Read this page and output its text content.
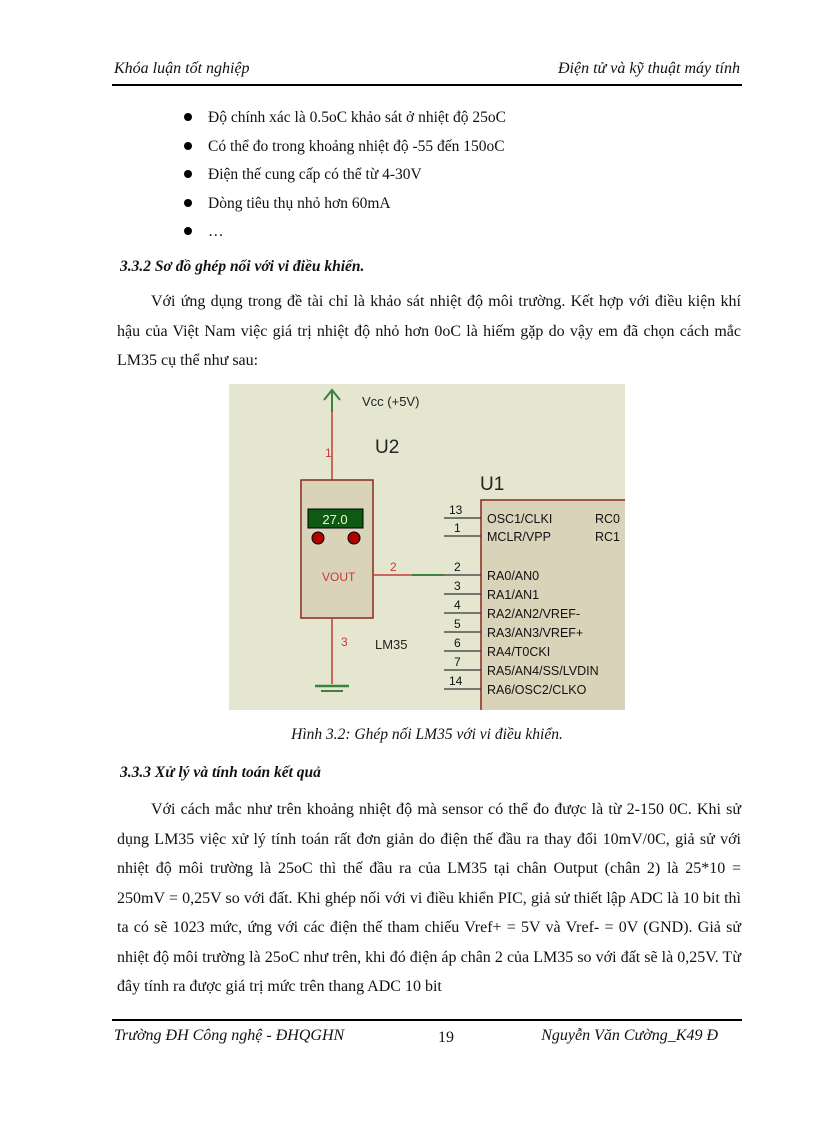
Khóa luận tốt nghiệp	Điện tử và kỹ thuật máy tính
Độ chính xác là 0.5oC khảo sát ở nhiệt độ 25oC
Có thể đo trong khoảng nhiệt độ -55 đến 150oC
Điện thế cung cấp có thể từ 4-30V
Dòng tiêu thụ nhỏ hơn 60mA
…
3.3.2 Sơ đồ ghép nối với vi điều khiển.

Với ứng dụng trong đề tài chỉ là khảo sát nhiệt độ môi trường. Kết hợp với điều kiện khí hậu của Việt Nam việc giá trị nhiệt độ nhỏ hơn 0oC là hiếm gặp do vậy em đã chọn cách mắc LM35 cụ thể như sau:

Vcc (+5V)
1 U2
27.0
VOUT
3 LM35
2
U1
13
OSC1/CLKI	RC0
1
MCLR/VPP	RC1
2
RA0/AN0
3
RA1/AN1
4
RA2/AN2/VREF-
5
RA3/AN3/VREF+
6
RA4/T0CKI
7
RA5/AN4/SS/LVDIN
14
RA6/OSC2/CLKO
Hình 3.2: Ghép nối LM35 với vi điều khiển.
3.3.3 Xử lý và tính toán kết quả

Với cách mắc như trên khoảng nhiệt độ mà sensor có thể đo được là từ 2-150 0C. Khi sử dụng LM35 việc xử lý tính toán rất đơn giản do điện thế đầu ra thay đổi 10mV/0C, giả sử với nhiệt độ môi trường là 25oC thì thế đầu ra của LM35 tại chân Output (chân 2) là 25*10 = 250mV = 0,25V so với đất. Khi ghép nối với vi điều khiển PIC, giả sử thiết lập ADC là 10 bit thì ta có sẽ 1023 mức, ứng với các điện thế tham chiếu Vref+ = 5V và Vref- = 0V (GND). Giả sử nhiệt độ môi trường là 25oC như trên, khi đó điện áp chân 2 của LM35 so với đất sẽ là 0,25V. Từ đây tính ra được giá trị mức trên thang ADC 10 bit

Trường ĐH Công nghệ - ĐHQGHN	19	Nguyễn Văn Cường_K49 Đ
